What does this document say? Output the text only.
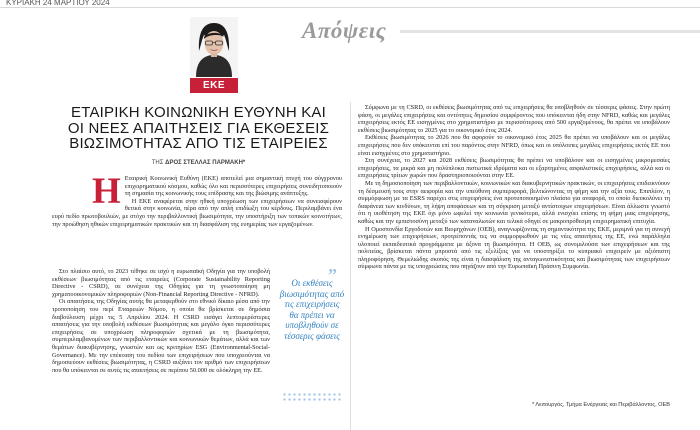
ΚΥΡΙΑΚΗ 24 ΜΑΡΤΙΟΥ 2024
ΕΚΕ
Απόψεις
ΕΤΑΙΡΙΚΗ ΚΟΙΝΩΝΙΚΗ ΕΥΘΥΝΗ ΚΑΙ
ΟΙ ΝΕΕΣ ΑΠΑΙΤΗΣΕΙΣ ΓΙΑ ΕΚΘΕΣΕΙΣ
ΒΙΩΣΙΜΟΤΗΤΑΣ ΑΠΟ ΤΙΣ ΕΤΑΙΡΕΙΕΣ
ΤΗΣ ΔΡΟΣ ΣΤΕΛΛΑΣ ΠΑΡΜΑΚΗ*
Η Εταιρική Κοινωνική Ευθύνη (ΕΚΕ) αποτελεί μια σημαντική πτυχή του σύγχρονου επιχειρηματικού κόσμου, καθώς όλο και περισσότερες επιχειρήσεις συνειδητοποιούν τη σημασία της κοινωνικής τους επίδρασης και της βιώσιμης ανάπτυξης.

Η ΕΚΕ αναφέρεται στην ηθική υποχρέωση των επιχειρήσεων να συνεισφέρουν θετικά στην κοινωνία, πέρα από την απλή επιδίωξη του κέρδους. Περιλαμβάνει ένα ευρύ πεδίο πρωτοβουλιών, με στόχο την περιβαλλοντική βιωσιμότητα, την υποστήριξη των τοπικών κοινοτήτων, την προώθηση ηθικών επιχειρηματικών πρακτικών και τη διασφάλιση της ευημερίας των εργαζομένων.

Στο πλαίσιο αυτό, το 2023 τέθηκε σε ισχύ η ευρωπαϊκή Οδηγία για την υποβολή εκθέσεων βιωσιμότητας από τις εταιρείες (Corporate Sustainability Reporting Directive - CSRD), σε συνέχεια της Οδηγίας για τη γνωστοποίηση μη χρηματοοικονομικών πληροφοριών (Non-Financial Reporting Directive - NFRD).

Οι απαιτήσεις της Οδηγίας αυτής θα μεταφερθούν στο εθνικό δίκαιο μέσα από την τροποποίηση του περί Εταιρειών Νόμου, η οποία θα βρίσκεται σε δημόσια διαβούλευση μέχρι τις 5 Απριλίου 2024. Η CSRD εισάγει λεπτομερέστερες απαιτήσεις για την υποβολή εκθέσεων βιωσιμότητας και μεγάλο όγκο περισσότερες επιχειρήσεις σε υποχρέωση πληροφοριών σχετικά με τη βιωσιμότητα, συμπεριλαμβανομένων των περιβαλλοντικών και κοινωνικών θεμάτων, αλλά και των θεμάτων διακυβέρνησης, γνωστών και ως κριτηρίων ESG (Environmental-Social-Governance). Με την επέκταση του πεδίου των επιχειρήσεων που υποχρεούνται να δημοσιεύουν εκθέσεις βιωσιμότητας, η CSRD αυξάνει τον αριθμό των επιχειρήσεων που θα υπόκεινται σε αυτές τις απαιτήσεις σε περίπου 50.000 σε ολόκληρη την ΕΕ.

”
Οι εκθέσεις βιωσιμότητας από τις επιχειρήσεις θα πρέπει να υποβληθούν σε τέσσερις φάσεις

Σύμφωνα με τη CSRD, οι εκθέσεις βιωσιμότητας από τις επιχειρήσεις θα υποβληθούν σε τέσσερις φάσεις. Στην πρώτη φάση, οι μεγάλες επιχειρήσεις και οντότητες δημοσίου συμφέροντος που υπόκεινται ήδη στην NFRD, καθώς και μεγάλες επιχειρήσεις εκτός ΕΕ εισηγμένες στο χρηματιστήριο με περισσότερους από 500 εργαζομένους, θα πρέπει να υποβάλουν εκθέσεις βιωσιμότητας το 2025 για το οικονομικό έτος 2024.

Εκθέσεις βιωσιμότητας το 2026 που θα αφορούν το οικονομικό έτος 2025 θα πρέπει να υποβάλουν και οι μεγάλες επιχειρήσεις που δεν υπόκεινται επί του παρόντος στην NFRD, όπως και οι υπόλοιπες μεγάλες επιχειρήσεις εκτός ΕΕ που είναι εισηγμένες στο χρηματιστήριο.

Στη συνέχεια, το 2027 και 2028 εκθέσεις βιωσιμότητας θα πρέπει να υποβάλουν και οι εισηγμένες μικρομεσαίες επιχειρήσεις, τα μικρά και μη πολύπλοκα πιστωτικά ιδρύματα και οι εξαρτημένες ασφαλιστικές επιχειρήσεις, αλλά και οι επιχειρήσεις τρίτων χωρών που δραστηριοποιούνται στην ΕΕ.

Με τη δημοσιοποίηση των περιβαλλοντικών, κοινωνικών και διακυβερνητικών πρακτικών, οι επιχειρήσεις επιδεικνύουν τη δέσμευσή τους στην αειφορία και την υπεύθυνη συμπεριφορά, βελτιώνοντας τη φήμη και την αξία τους. Επιπλέον, η συμμόρφωση με τα ESRS παρέχει στις επιχειρήσεις ένα προτυποποιημένο πλαίσιο για αναφορά, το οποίο διευκολύνει τη διαφάνεια των κινδύνων, τη λήψη αποφάσεων και τη σύγκριση μεταξύ αντίστοιχων επιχειρήσεων. Είναι άλλωστε γνωστό ότι η υιοθέτηση της ΕΚΕ όχι μόνο ωφελεί την κοινωνία γενικότερα, αλλά ενισχύει επίσης τη φήμη μιας επιχείρησης, καθώς και την εμπιστοσύνη μεταξύ των καταναλωτών και τελικά οδηγεί σε μακροπρόθεσμη επιχειρηματική επιτυχία.

Η Ομοσπονδία Εργοδοτών και Βιομηχάνων (ΟΕΒ), αναγνωρίζοντας τη σημαντικότητα της ΕΚΕ, μεριμνά για τη συνεχή ενημέρωση των επιχειρήσεων, προτρέποντάς τες να συμμορφωθούν με τις νέες απαιτήσεις της ΕΕ, ενώ παράλληλα υλοποιεί εκπαιδευτικά προγράμματα με άξονα τη βιωσιμότητα. Η ΟΕΒ, ως συνομιλούσα των επιχειρήσεων και της πολιτείας, βρίσκεται πάντα μπροστά από τις εξελίξεις για να υποστηρίξει το κυπριακό επιχειρείν με αξιόπιστη πληροφόρηση. Θεμελιώδης σκοπός της είναι η διασφάλιση της ανταγωνιστικότητας και βιωσιμότητας των επιχειρήσεων σύμφωνα πάντα με τις υποχρεώσεις που πηγάζουν από την Ευρωπαϊκή Πράσινη Συμφωνία.

* Λειτουργός, Τμήμα Ενέργειας και Περιβάλλοντος, ΟΕΒ
